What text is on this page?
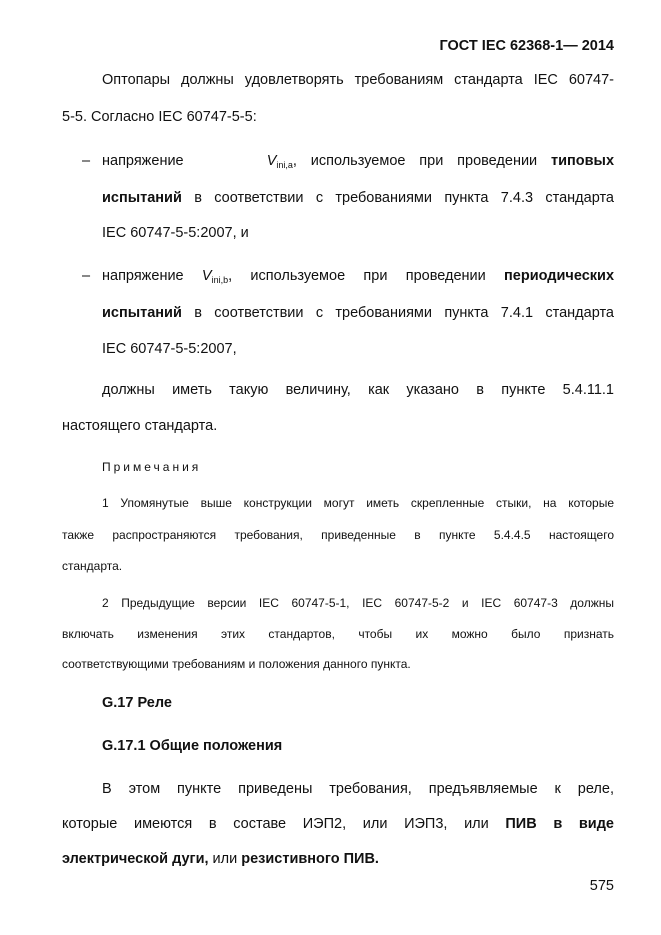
ГОСТ IEC 62368-1— 2014
Оптопары должны удовлетворять требованиям стандарта IEC 60747-
5-5. Согласно IEC 60747-5-5:
– напряжение	$V_{ini,a}$, используемое при проведении типовых
испытаний в соответствии с требованиями пункта 7.4.3 стандарта
IEC 60747-5-5:2007, и
– напряжение $V_{ini,b}$, используемое при проведении периодических
испытаний в соответствии с требованиями пункта 7.4.1 стандарта
IEC 60747-5-5:2007,
должны иметь такую величину, как указано в пункте 5.4.11.1
настоящего стандарта.
Примечания
1 Упомянутые выше конструкции могут иметь скрепленные стыки, на которые
также распространяются требования, приведенные в пункте 5.4.4.5 настоящего
стандарта.
2 Предыдущие версии IEC 60747-5-1, IEC 60747-5-2 и IEC 60747-3 должны
включать изменения этих стандартов, чтобы их можно было признать
соответствующими требованиям и положения данного пункта.
G.17 Реле
G.17.1 Общие положения
В этом пункте приведены требования, предъявляемые к реле,
которые имеются в составе ИЭП2, или ИЭП3, или ПИВ в виде
электрической дуги, или резистивного ПИВ.
575
